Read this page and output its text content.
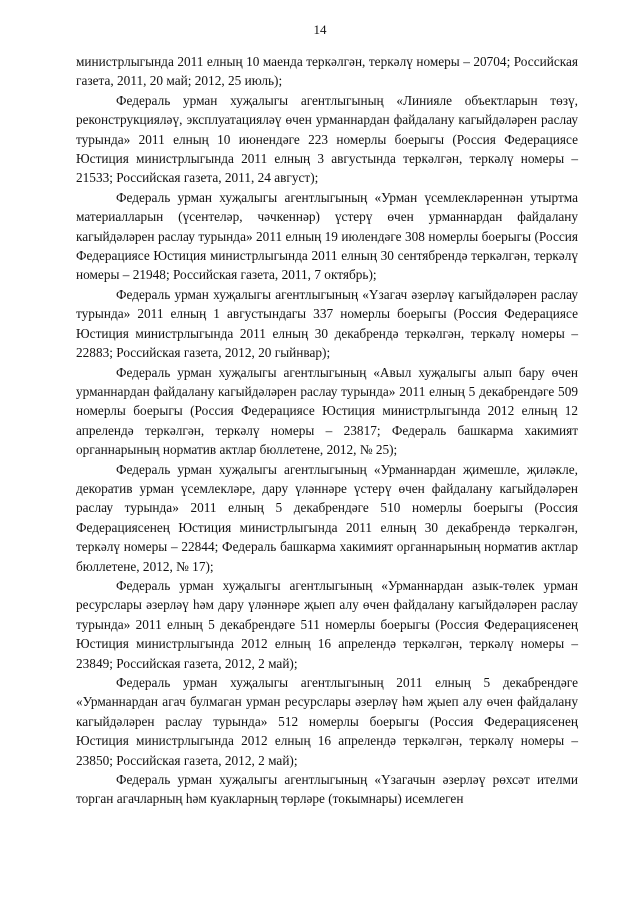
14

министрлыгында 2011 елның 10 маенда теркәлгән, теркәлү номеры – 20704; Российская газета, 2011, 20 май; 2012, 25 июль);

Федераль урман хуҗалыгы агентлыгының «Линияле объектларын төзү, реконструкцияләү, эксплуатацияләү өчен урманнардан файдалану кагыйдәләрен раслау турында» 2011 елның 10 июнендәге 223 номерлы боерыгы (Россия Федерациясе Юстиция министрлыгында 2011 елның 3 августында теркәлгән, теркәлү номеры – 21533; Российская газета, 2011, 24 август);

Федераль урман хуҗалыгы агентлыгының «Урман үсемлекләреннән утыртма материалларын (үсентеләр, чәчкеннәр) үстерү өчен урманнардан файдалану кагыйдәләрен раслау турында» 2011 елның 19 июлендәге 308 номерлы боерыгы (Россия Федерациясе Юстиция министрлыгында 2011 елның 30 сентябрендә теркәлгән, теркәлү номеры – 21948; Российская газета, 2011, 7 октябрь);

Федераль урман хуҗалыгы агентлыгының «Үзагач әзерләү кагыйдәләрен раслау турында» 2011 елның 1 августындагы 337 номерлы боерыгы (Россия Федерациясе Юстиция министрлыгында 2011 елның 30 декабрендә теркәлгән, теркәлү номеры – 22883; Российская газета, 2012, 20 гыйнвар);

Федераль урман хуҗалыгы агентлыгының «Авыл хуҗалыгы алып бару өчен урманнардан файдалану кагыйдәләрен раслау турында» 2011 елның 5 декабрендәге 509 номерлы боерыгы (Россия Федерациясе Юстиция министрлыгында 2012 елның 12 апрелендә теркәлгән, теркәлү номеры – 23817; Федераль башкарма хакимият органнарының норматив актлар бюллетене, 2012, № 25);

Федераль урман хуҗалыгы агентлыгының «Урманнардан җимешле, җиләкле, декоратив урман үсемлекләре, дару үләннәре үстерү өчен файдалану кагыйдәләрен раслау турында» 2011 елның 5 декабрендәге 510 номерлы боерыгы (Россия Федерациясенең Юстиция министрлыгында 2011 елның 30 декабрендә теркәлгән, теркәлү номеры – 22844; Федераль башкарма хакимият органнарының норматив актлар бюллетене, 2012, № 17);

Федераль урман хуҗалыгы агентлыгының «Урманнардан азык-төлек урман ресурслары әзерләү һәм дару үләннәре җыеп алу өчен файдалану кагыйдәләрен раслау турында» 2011 елның 5 декабрендәге 511 номерлы боерыгы (Россия Федерациясенең Юстиция министрлыгында 2012 елның 16 апрелендә теркәлгән, теркәлү номеры – 23849; Российская газета, 2012, 2 май);

Федераль урман хуҗалыгы агентлыгының 2011 елның 5 декабрендәге «Урманнардан агач булмаган урман ресурслары әзерләү һәм җыеп алу өчен файдалану кагыйдәләрен раслау турында» 512 номерлы боерыгы (Россия Федерациясенең Юстиция министрлыгында 2012 елның 16 апрелендә теркәлгән, теркәлү номеры – 23850; Российская газета, 2012, 2 май);

Федераль урман хуҗалыгы агентлыгының «Үзагачын әзерләү рөхсәт ителми торган агачларның һәм куакларның төрләре (токымнары) исемлеген
